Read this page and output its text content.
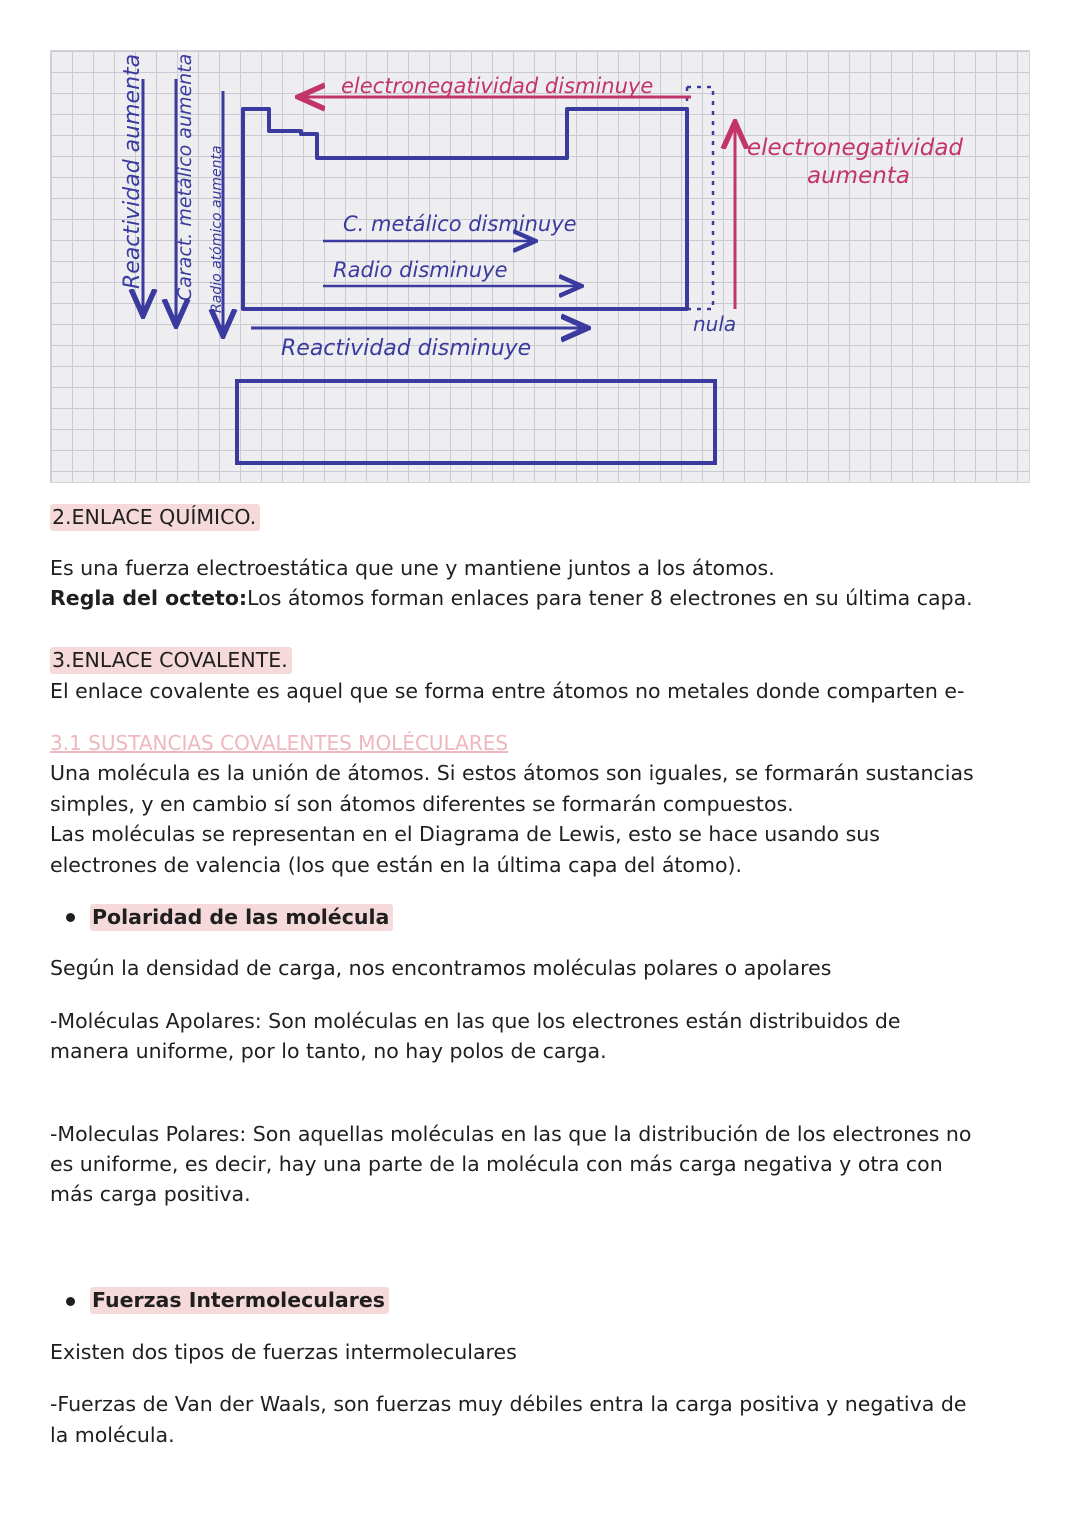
electronegatividad disminuye
electronegatividad
aumenta
Reactividad aumenta Caract. metálico aumenta Radio atómico aumenta	C. metálico disminuye
Radio disminuye
Reactividad disminuye
nula
2.ENLACE QUÍMICO.
Es una fuerza electroestática que une y mantiene juntos a los átomos.
Regla del octeto:Los átomos forman enlaces para tener 8 electrones en su última capa.
3.ENLACE COVALENTE.
El enlace covalente es aquel que se forma entre átomos no metales donde comparten e-
3.1 SUSTANCIAS COVALENTES MOLÉCULARES
Una molécula es la unión de átomos. Si estos átomos son iguales, se formarán sustancias
simples, y en cambio sí son átomos diferentes se formarán compuestos.
Las moléculas se representan en el Diagrama de Lewis, esto se hace usando sus
electrones de valencia (los que están en la última capa del átomo).
Polaridad de las molécula
Según la densidad de carga, nos encontramos moléculas polares o apolares
-Moléculas Apolares: Son moléculas en las que los electrones están distribuidos de
manera uniforme, por lo tanto, no hay polos de carga.
-Moleculas Polares: Son aquellas moléculas en las que la distribución de los electrones no
es uniforme, es decir, hay una parte de la molécula con más carga negativa y otra con
más carga positiva.
Fuerzas Intermoleculares
Existen dos tipos de fuerzas intermoleculares
-Fuerzas de Van der Waals, son fuerzas muy débiles entra la carga positiva y negativa de
la molécula.
